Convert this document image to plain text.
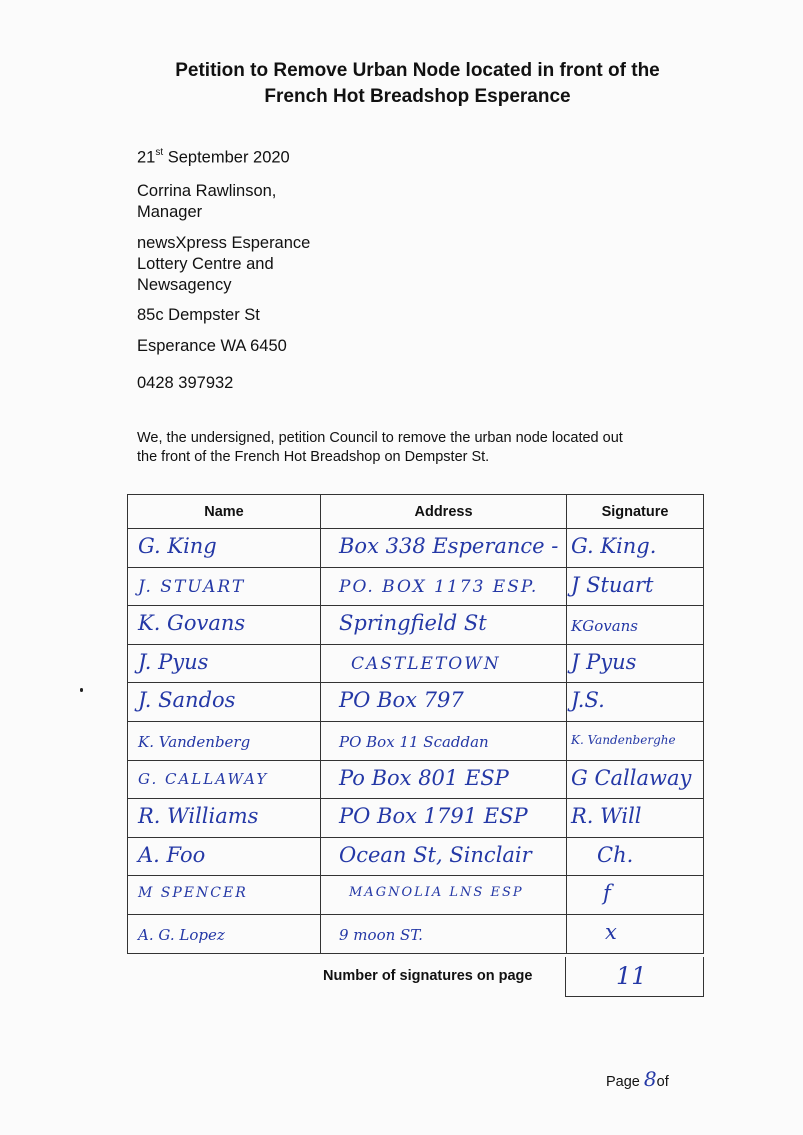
Petition to Remove Urban Node located in front of the
French Hot Breadshop Esperance
21st September 2020
Corrina Rawlinson,
Manager
newsXpress Esperance
Lottery Centre and
Newsagency
85c Dempster St
Esperance WA 6450
0428 397932
We, the undersigned, petition Council to remove the urban node located out
the front of the French Hot Breadshop on Dempster St.
Name	Address	Signature

G. King	Box 338 Esperance -	G. King.

J. STUART	PO. BOX 1173 ESP.	J Stuart

K. Govans	Springfield St	KGovans

J. Pyus	CASTLETOWN	J Pyus

J. Sandos	PO Box 797	J.S.

K. Vandenberg	PO Box 11 Scaddan	K. Vandenberghe

G. CALLAWAY	Po Box 801 ESP	G Callaway

R. Williams	PO Box 1791 ESP	R. Will

A. Foo	Ocean St, Sinclair	Ch.

M SPENCER	MAGNOLIA LNS ESP	f

A. G. Lopez	9 moon ST.	x
Number of signatures on page	11
Page 8of
